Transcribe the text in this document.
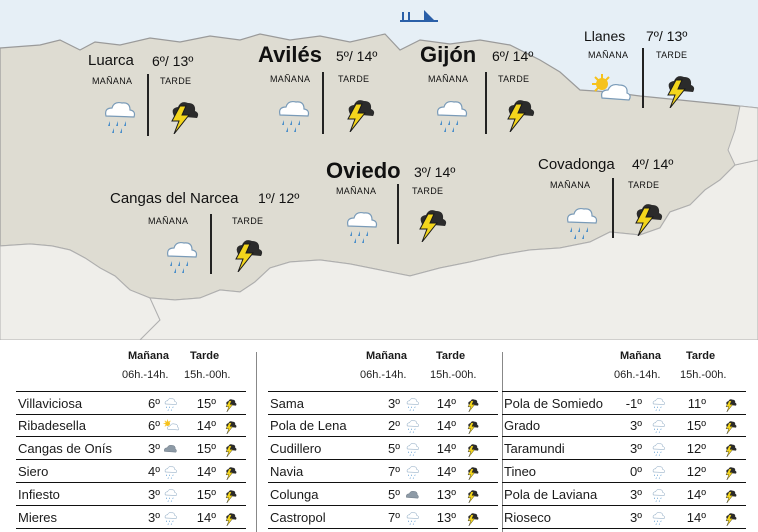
Luarca 6º/ 13º
MAÑANA	TARDE
Avilés 5º/ 14º
MAÑANA	TARDE
Gijón 6º/ 14º
MAÑANA	TARDE
Llanes 7º/ 13º
MAÑANA	TARDE
Oviedo 3º/ 14º
MAÑANA	TARDE
Covadonga 4º/ 14º
MAÑANA	TARDE
Cangas del Narcea 1º/ 12º
MAÑANA	TARDE
Mañana Tarde
06h.-14h. 15h.-00h.
Villaviciosa	6º	15º
Ribadesella	6º	14º
Cangas de Onís	3º	15º
Siero	4º	14º
Infiesto	3º	15º
Mieres	3º	14º
Mañana	Tarde
06h.-14h. 15h.-00h.
Sama	3º	14º
Pola de Lena	2º	14º
Cudillero	5º	14º
Navia	7º	14º
Colunga	5º	13º
Castropol	7º	13º
Mañana Tarde
06h.-14h. 15h.-00h.
Pola de Somiedo	-1º	11º
Grado	3º	15º
Taramundi	3º	12º
Tineo	0º	12º
Pola de Laviana	3º	14º
Rioseco	3º	14º
